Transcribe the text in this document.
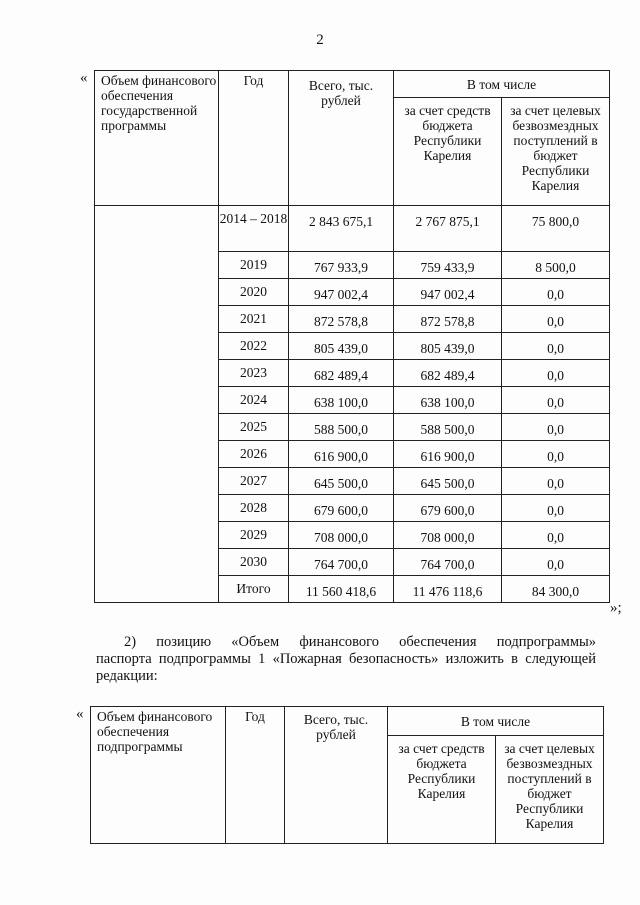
2
«
»;
Объем финансового обеспечения государственной программы	Год	Всего, тыс. рублей	В том числе	
			за счет средств бюджета Республики Карелия	за счет целевых безвозмездных поступлений в бюджет Республики Карелия
	2014 – 2018	2 843 675,1	2 767 875,1	75 800,0
	2019	767 933,9	759 433,9	8 500,0
	2020	947 002,4	947 002,4	0,0
	2021	872 578,8	872 578,8	0,0
	2022	805 439,0	805 439,0	0,0
	2023	682 489,4	682 489,4	0,0
	2024	638 100,0	638 100,0	0,0
	2025	588 500,0	588 500,0	0,0
	2026	616 900,0	616 900,0	0,0
	2027	645 500,0	645 500,0	0,0
	2028	679 600,0	679 600,0	0,0
	2029	708 000,0	708 000,0	0,0
	2030	764 700,0	764 700,0	0,0
	Итого	11 560 418,6	11 476 118,6	84 300,0
2) позицию «Объем финансового обеспечения подпрограммы»
паспорта подпрограммы 1 «Пожарная безопасность» изложить в следующей редакции:
« Объем финансового обеспечения подпрограммы	Год	Всего, тыс. рублей	В том числе	
			за счет средств бюджета Республики Карелия	за счет целевых безвозмездных поступлений в бюджет Республики Карелия
